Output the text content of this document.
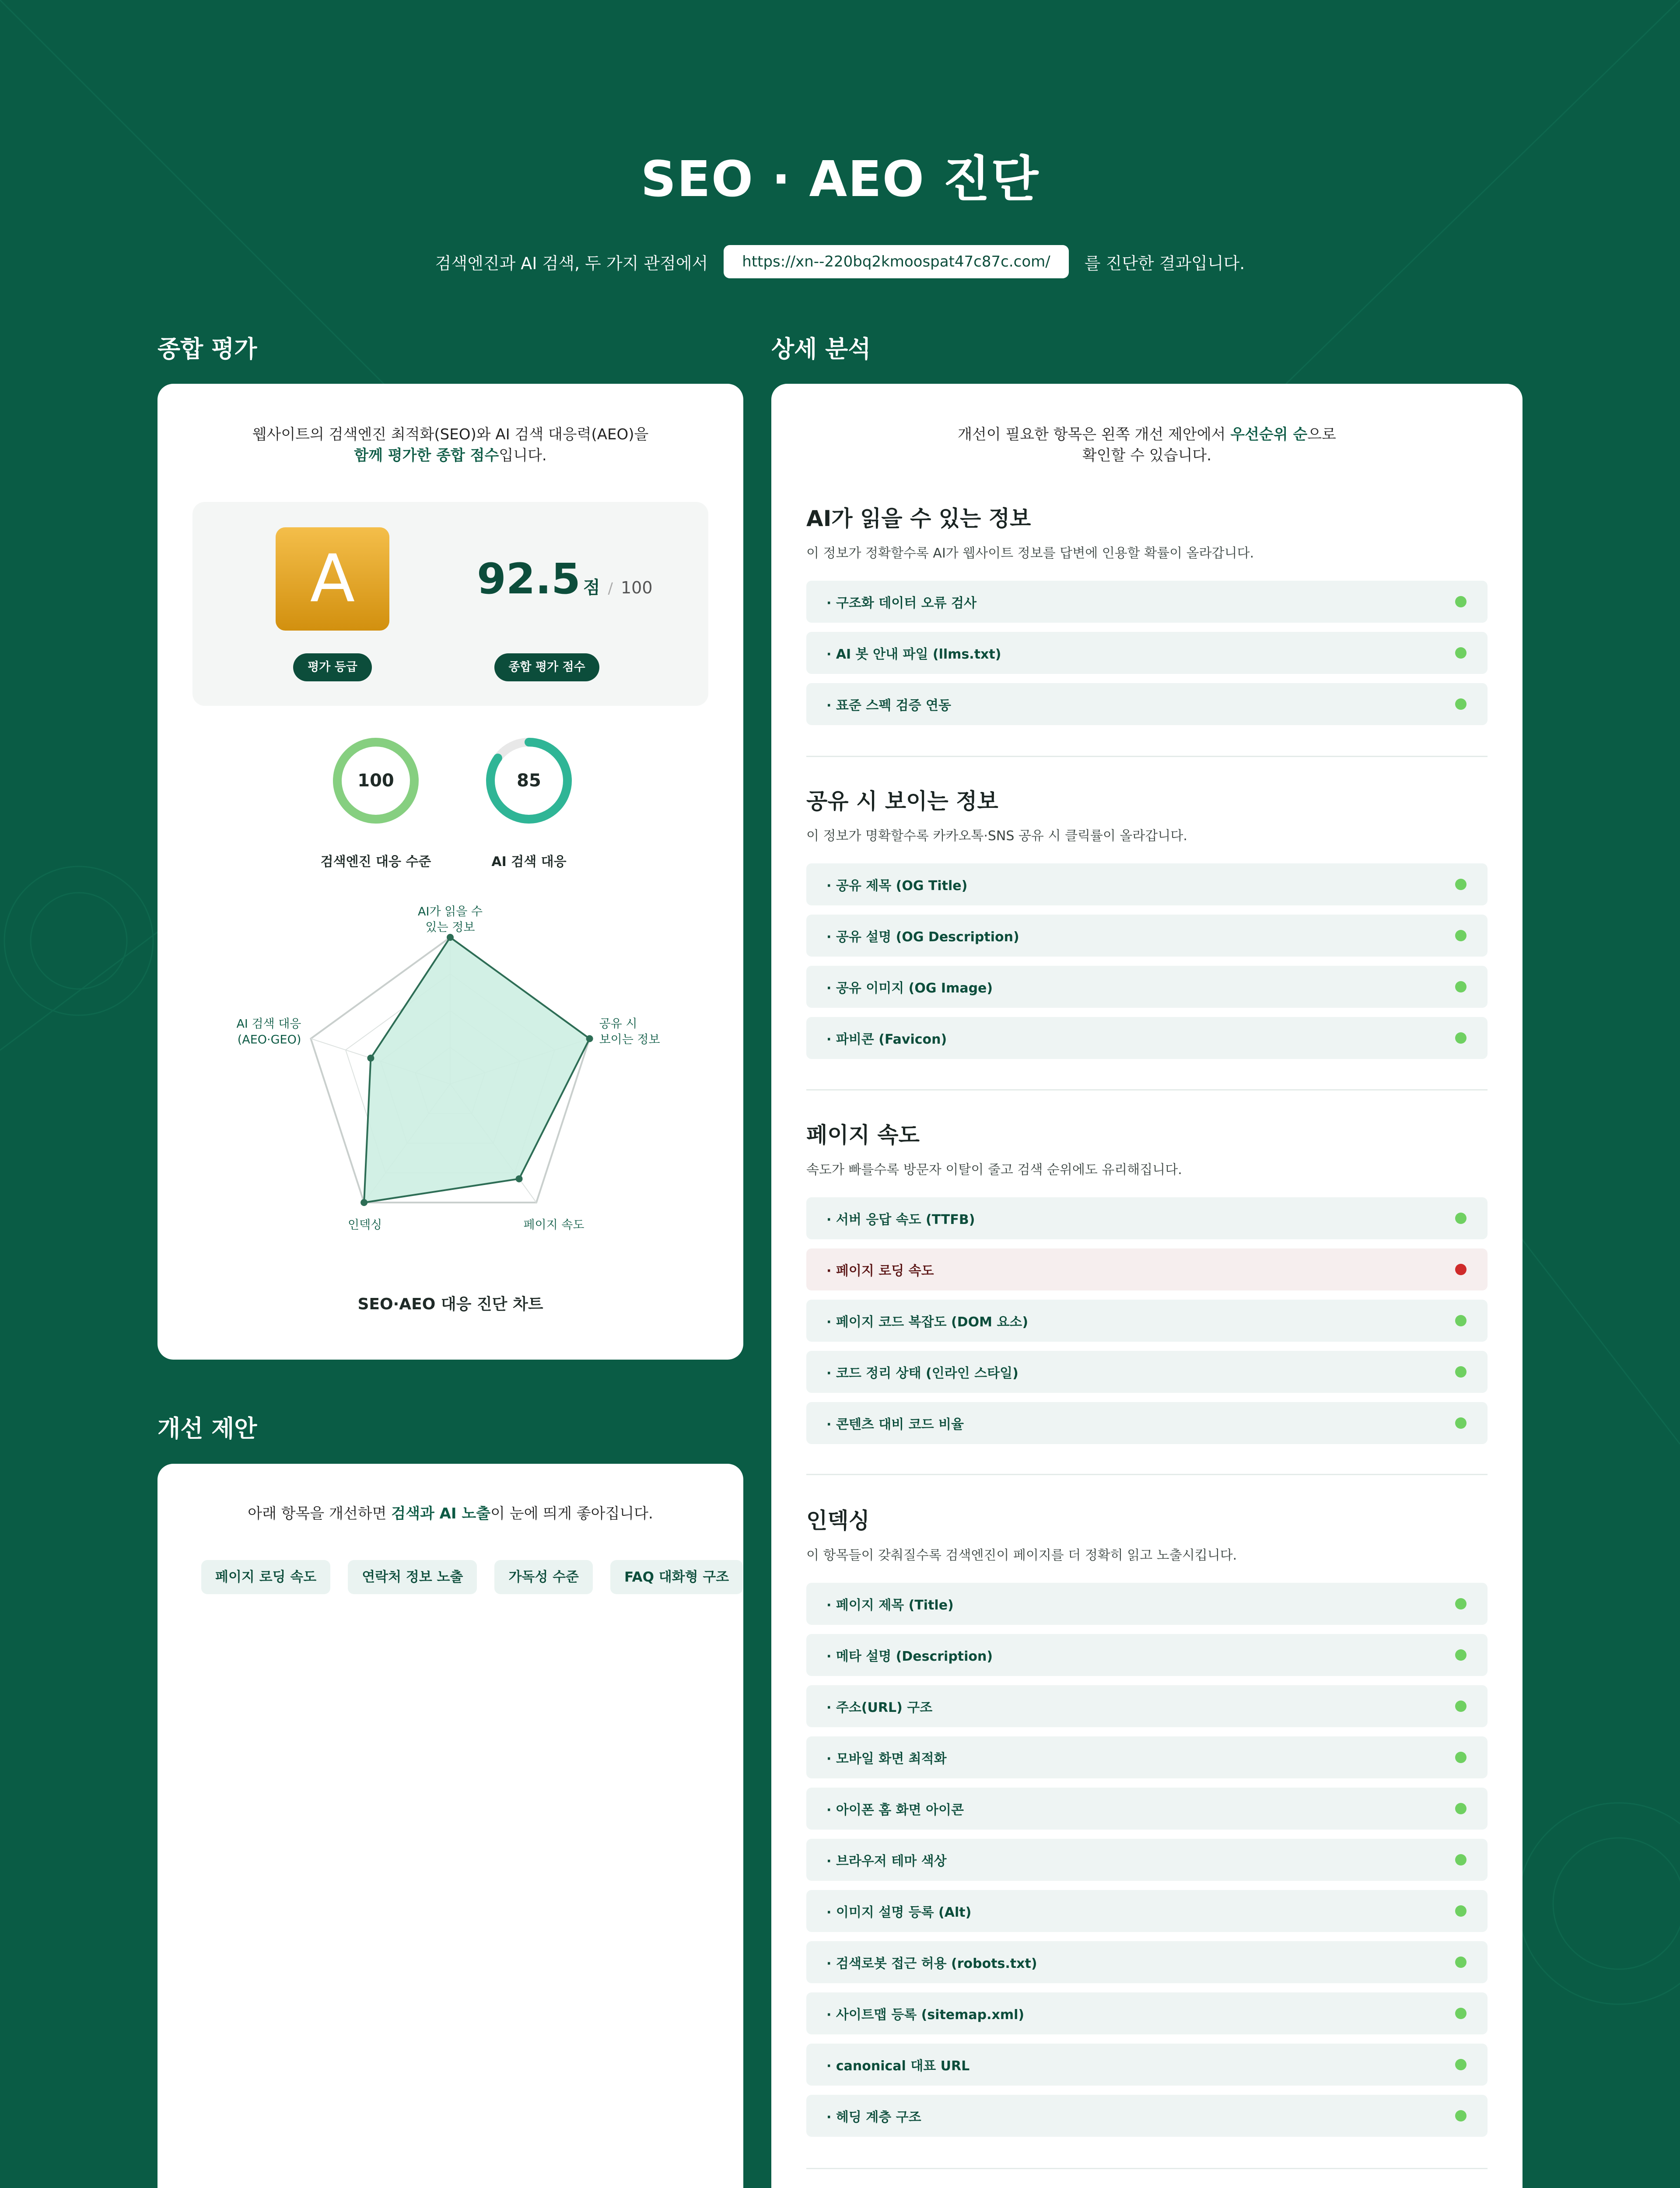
SEO · AEO 진단
검색엔진과 AI 검색, 두 가지 관점에서	https://xn--220bq2kmoospat47c87c.com/	를 진단한 결과입니다.
종합 평가	상세 분석
개선 제안
웹사이트의 검색엔진 최적화(SEO)와 AI 검색 대응력(AEO)을
함께 평가한 종합 점수입니다.
A
평가 등급
92.5 점 / 100
종합 평가 점수
100	85
검색엔진 대응 수준	AI 검색 대응
AI가 읽을 수 있는 정보
공유 시 보이는 정보
페이지 속도
인덱싱
AI 검색 대응 (AEO·GEO)
SEO·AEO 대응 진단 차트
아래 항목을 개선하면 검색과 AI 노출이 눈에 띄게 좋아집니다.
페이지 로딩 속도	연락처 정보 노출	가독성 수준	FAQ 대화형 구조
개선이 필요한 항목은 왼쪽 개선 제안에서 우선순위 순으로
확인할 수 있습니다.
AI가 읽을 수 있는 정보
이 정보가 정확할수록 AI가 웹사이트 정보를 답변에 인용할 확률이 올라갑니다.
· 구조화 데이터 오류 검사
· AI 봇 안내 파일 (llms.txt)
· 표준 스펙 검증 연동
공유 시 보이는 정보
이 정보가 명확할수록 카카오톡·SNS 공유 시 클릭률이 올라갑니다.
· 공유 제목 (OG Title)
· 공유 설명 (OG Description)
· 공유 이미지 (OG Image)
· 파비콘 (Favicon)
페이지 속도
속도가 빠를수록 방문자 이탈이 줄고 검색 순위에도 유리해집니다.
· 서버 응답 속도 (TTFB)
· 페이지 로딩 속도
· 페이지 코드 복잡도 (DOM 요소)
· 코드 정리 상태 (인라인 스타일)
· 콘텐츠 대비 코드 비율
인덱싱
이 항목들이 갖춰질수록 검색엔진이 페이지를 더 정확히 읽고 노출시킵니다.
· 페이지 제목 (Title)
· 메타 설명 (Description)
· 주소(URL) 구조
· 모바일 화면 최적화
· 아이폰 홈 화면 아이콘
· 브라우저 테마 색상
· 이미지 설명 등록 (Alt)
· 검색로봇 접근 허용 (robots.txt)
· 사이트맵 등록 (sitemap.xml)
· canonical 대표 URL
· 헤딩 계층 구조
